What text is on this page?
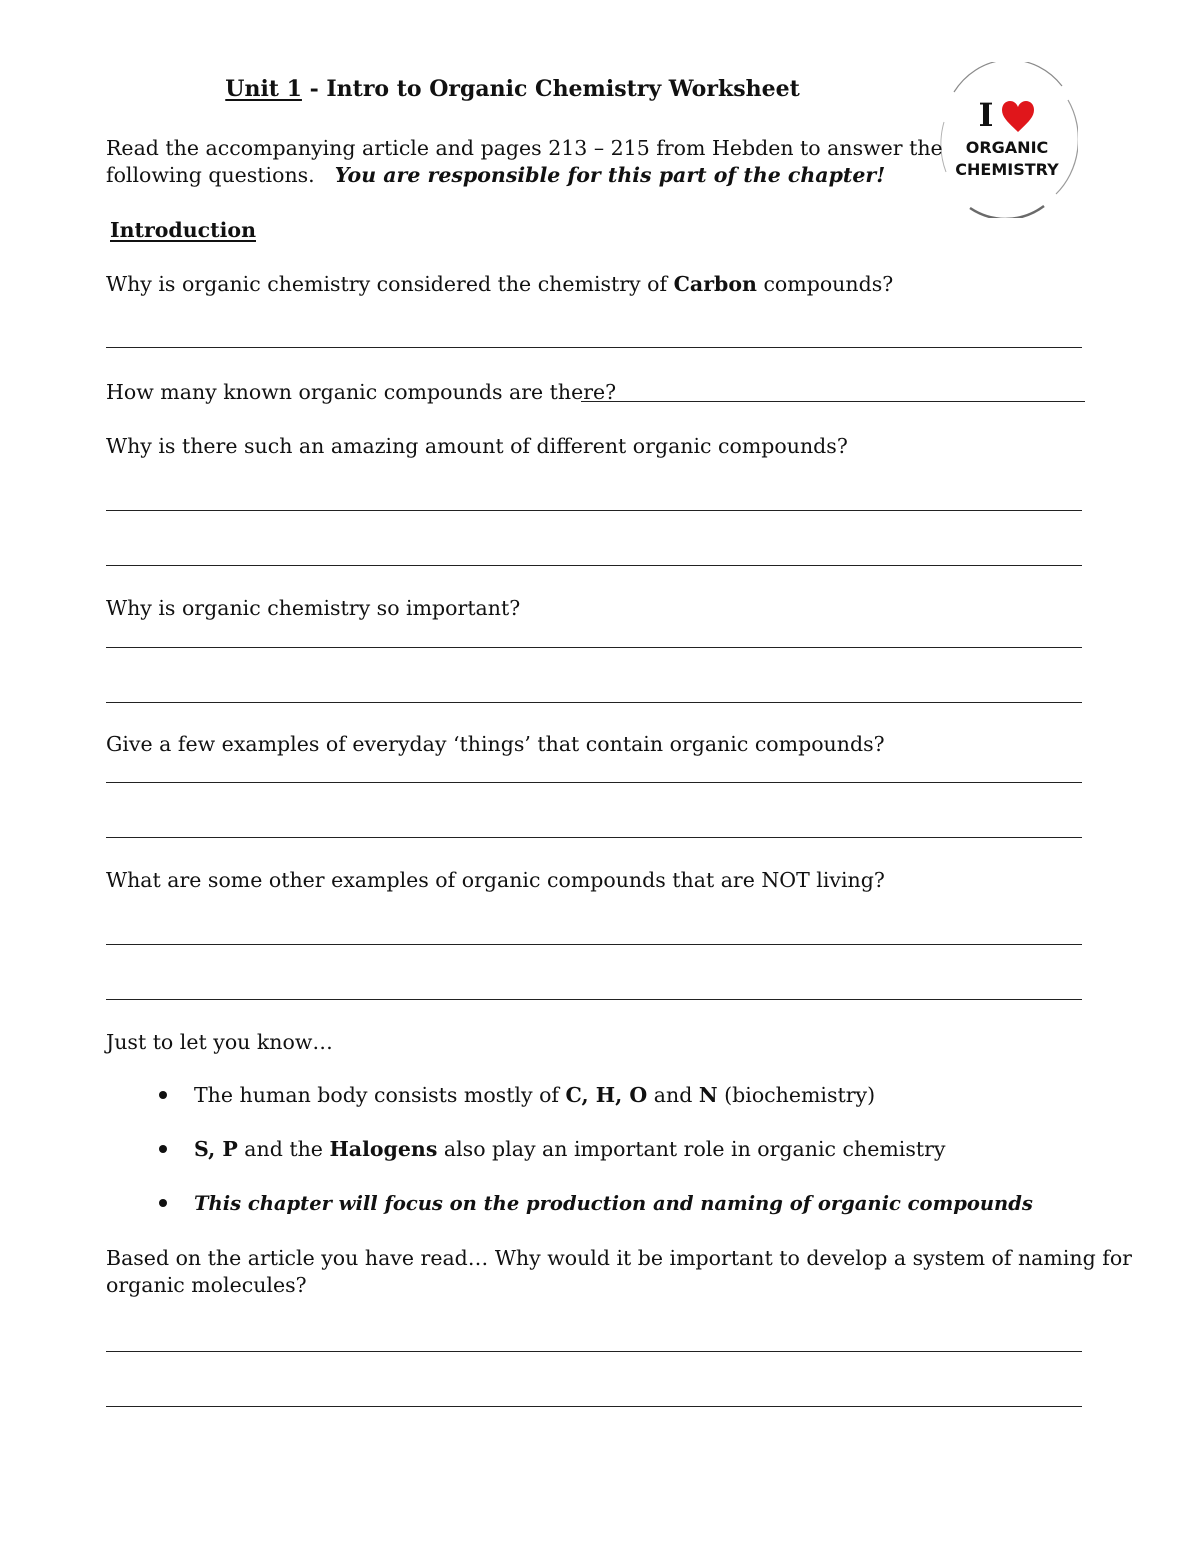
Unit 1 - Intro to Organic Chemistry Worksheet
I
ORGANIC
CHEMISTRY
Read the accompanying article and pages 213 – 215 from Hebden to answer the
following questions. You are responsible for this part of the chapter!
Introduction
Why is organic chemistry considered the chemistry of Carbon compounds?
How many known organic compounds are there?
Why is there such an amazing amount of different organic compounds?
Why is organic chemistry so important?
Give a few examples of everyday ‘things’ that contain organic compounds?
What are some other examples of organic compounds that are NOT living?
Just to let you know…
The human body consists mostly of C, H, O and N (biochemistry)
S, P and the Halogens also play an important role in organic chemistry
This chapter will focus on the production and naming of organic compounds
Based on the article you have read… Why would it be important to develop a system of naming for
organic molecules?
